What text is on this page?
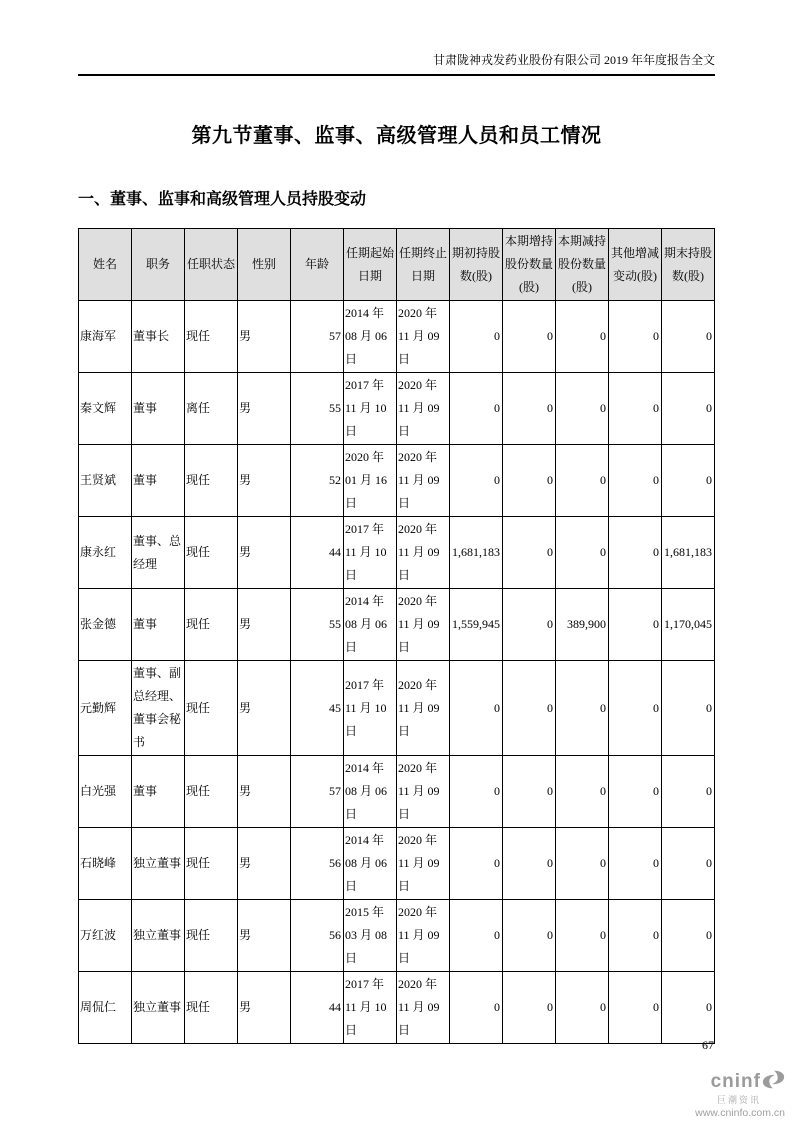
甘肃陇神戎发药业股份有限公司 2019 年年度报告全文
第九节董事、监事、高级管理人员和员工情况
一、董事、监事和高级管理人员持股变动
姓名	职务	任职状态	性别	年龄	任期起始日期	任期终止日期	期初持股数(股)	本期增持股份数量(股)	本期减持股份数量(股)	其他增减变动(股)	期末持股数(股)
康海军	董事长	现任	男	57	2014 年 08 月 06 日	2020 年 11 月 09 日	0	0	0	0	0
秦文辉	董事	离任	男	55	2017 年 11 月 10 日	2020 年 11 月 09 日	0	0	0	0	0
王贤斌	董事	现任	男	52	2020 年 01 月 16 日	2020 年 11 月 09 日	0	0	0	0	0
康永红	董事、总经理	现任	男	44	2017 年 11 月 10 日	2020 年 11 月 09 日	1,681,183	0	0	0	1,681,183
张金德	董事	现任	男	55	2014 年 08 月 06 日	2020 年 11 月 09 日	1,559,945	0	389,900	0	1,170,045
元勤辉	董事、副总经理、董事会秘书	现任	男	45	2017 年 11 月 10 日	2020 年 11 月 09 日	0	0	0	0	0
白光强	董事	现任	男	57	2014 年 08 月 06 日	2020 年 11 月 09 日	0	0	0	0	0
石晓峰	独立董事	现任	男	56	2014 年 08 月 06 日	2020 年 11 月 09 日	0	0	0	0	0
万红波	独立董事	现任	男	56	2015 年 03 月 08 日	2020 年 11 月 09 日	0	0	0	0	0
周侃仁	独立董事	现任	男	44	2017 年 11 月 10 日	2020 年 11 月 09 日	0	0	0	0	0
67
cninf
巨潮资讯
www.cninfo.com.cn
